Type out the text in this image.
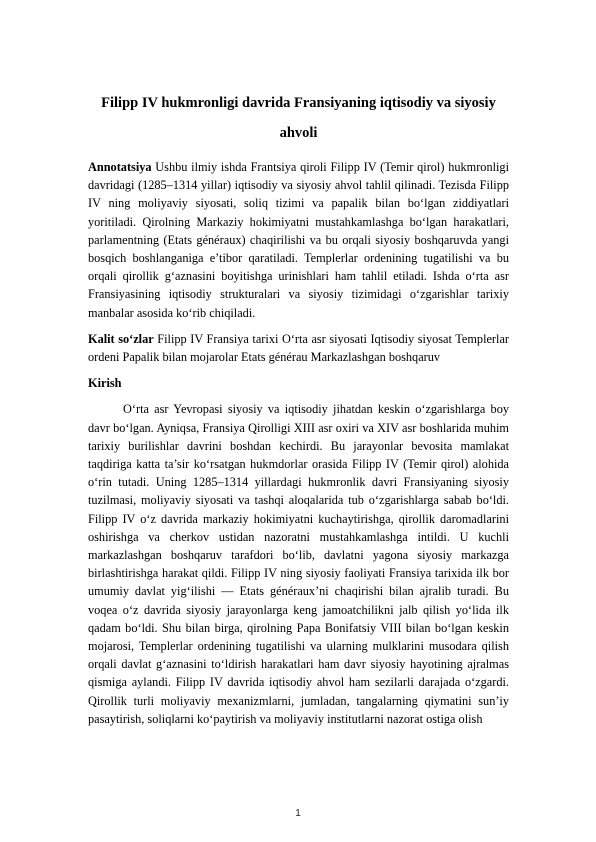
Filipp IV hukmronligi davrida Fransiyaning iqtisodiy va siyosiy ahvoli

Annotatsiya Ushbu ilmiy ishda Frantsiya qiroli Filipp IV (Temir qirol) hukmronligi davridagi (1285–1314 yillar) iqtisodiy va siyosiy ahvol tahlil qilinadi. Tezisda Filipp IV ning moliyaviy siyosati, soliq tizimi va papalik bilan bo‘lgan ziddiyatlari yoritiladi. Qirolning Markaziy hokimiyatni mustahkamlashga bo‘lgan harakatlari, parlamentning (Etats généraux) chaqirilishi va bu orqali siyosiy boshqaruvda yangi bosqich boshlanganiga e’tibor qaratiladi. Templerlar ordenining tugatilishi va bu orqali qirollik g‘aznasini boyitishga urinishlari ham tahlil etiladi. Ishda o‘rta asr Fransiyasining iqtisodiy strukturalari va siyosiy tizimidagi o‘zgarishlar tarixiy manbalar asosida ko‘rib chiqiladi.

Kalit so‘zlar Filipp IV Fransiya tarixi O‘rta asr siyosati Iqtisodiy siyosat Templerlar ordeni Papalik bilan mojarolar Etats générau Markazlashgan boshqaruv

Kirish

O‘rta asr Yevropasi siyosiy va iqtisodiy jihatdan keskin o‘zgarishlarga boy davr bo‘lgan. Ayniqsa, Fransiya Qirolligi XIII asr oxiri va XIV asr boshlarida muhim tarixiy burilishlar davrini boshdan kechirdi. Bu jarayonlar bevosita mamlakat taqdiriga katta ta’sir ko‘rsatgan hukmdorlar orasida Filipp IV (Temir qirol) alohida o‘rin tutadi. Uning 1285–1314 yillardagi hukmronlik davri Fransiyaning siyosiy tuzilmasi, moliyaviy siyosati va tashqi aloqalarida tub o‘zgarishlarga sabab bo‘ldi. Filipp IV o‘z davrida markaziy hokimiyatni kuchaytirishga, qirollik daromadlarini oshirishga va cherkov ustidan nazoratni mustahkamlashga intildi. U kuchli markazlashgan boshqaruv tarafdori bo‘lib, davlatni yagona siyosiy markazga birlashtirishga harakat qildi. Filipp IV ning siyosiy faoliyati Fransiya tarixida ilk bor umumiy davlat yig‘ilishi — Etats généraux’ni chaqirishi bilan ajralib turadi. Bu voqea o‘z davrida siyosiy jarayonlarga keng jamoatchilikni jalb qilish yo‘lida ilk qadam bo‘ldi. Shu bilan birga, qirolning Papa Bonifatsiy VIII bilan bo‘lgan keskin mojarosi, Templerlar ordenining tugatilishi va ularning mulklarini musodara qilish orqali davlat g‘aznasini to‘ldirish harakatlari ham davr siyosiy hayotining ajralmas qismiga aylandi. Filipp IV davrida iqtisodiy ahvol ham sezilarli darajada o‘zgardi. Qirollik turli moliyaviy mexanizmlarni, jumladan, tangalarning qiymatini sun’iy pasaytirish, soliqlarni ko‘paytirish va moliyaviy institutlarni nazorat ostiga olish

1
